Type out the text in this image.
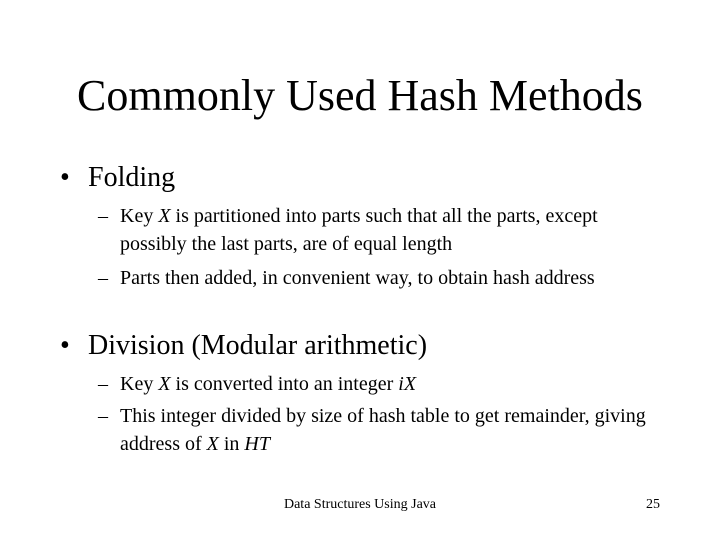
Commonly Used Hash Methods
• Folding
– Key X is partitioned into parts such that all the parts, except possibly the last parts, are of equal length
– Parts then added, in convenient way, to obtain hash address
• Division (Modular arithmetic)
– Key X is converted into an integer iX
– This integer divided by size of hash table to get remainder, giving address of X in HT
Data Structures Using Java	25
